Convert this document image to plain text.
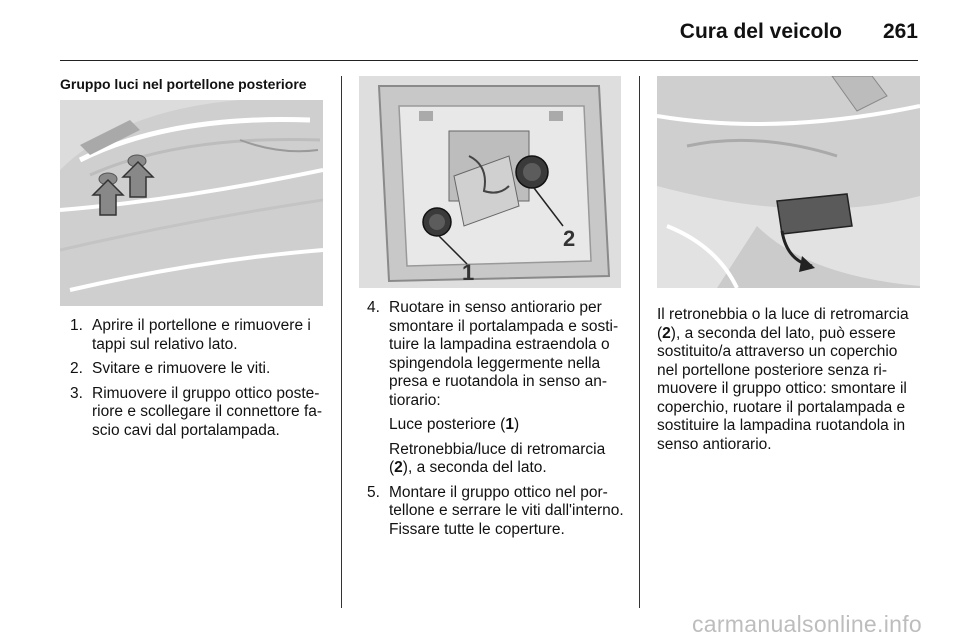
Cura del veicolo 261
Gruppo luci nel portellone posteriore
1. Aprire il portellone e rimuovere i tappi sul relativo lato.
2. Svitare e rimuovere le viti.
3. Rimuovere il gruppo ottico poste-riore e scollegare il connettore fa-scio cavi dal portalampada.
1
2
4. Ruotare in senso antiorario per smontare il portalampada e sosti-tuire la lampadina estraendola o spingendola leggermente nella presa e ruotandola in senso an-tiorario:
Luce posteriore (1)
Retronebbia/luce di retromarcia (2), a seconda del lato.
5. Montare il gruppo ottico nel por-tellone e serrare le viti dall'interno. Fissare tutte le coperture.
Il retronebbia o la luce di retromarcia (2), a seconda del lato, può essere sostituito/a attraverso un coperchio nel portellone posteriore senza ri-muovere il gruppo ottico: smontare il coperchio, ruotare il portalampada e sostituire la lampadina ruotandola in senso antiorario.
carmanualsonline.info
